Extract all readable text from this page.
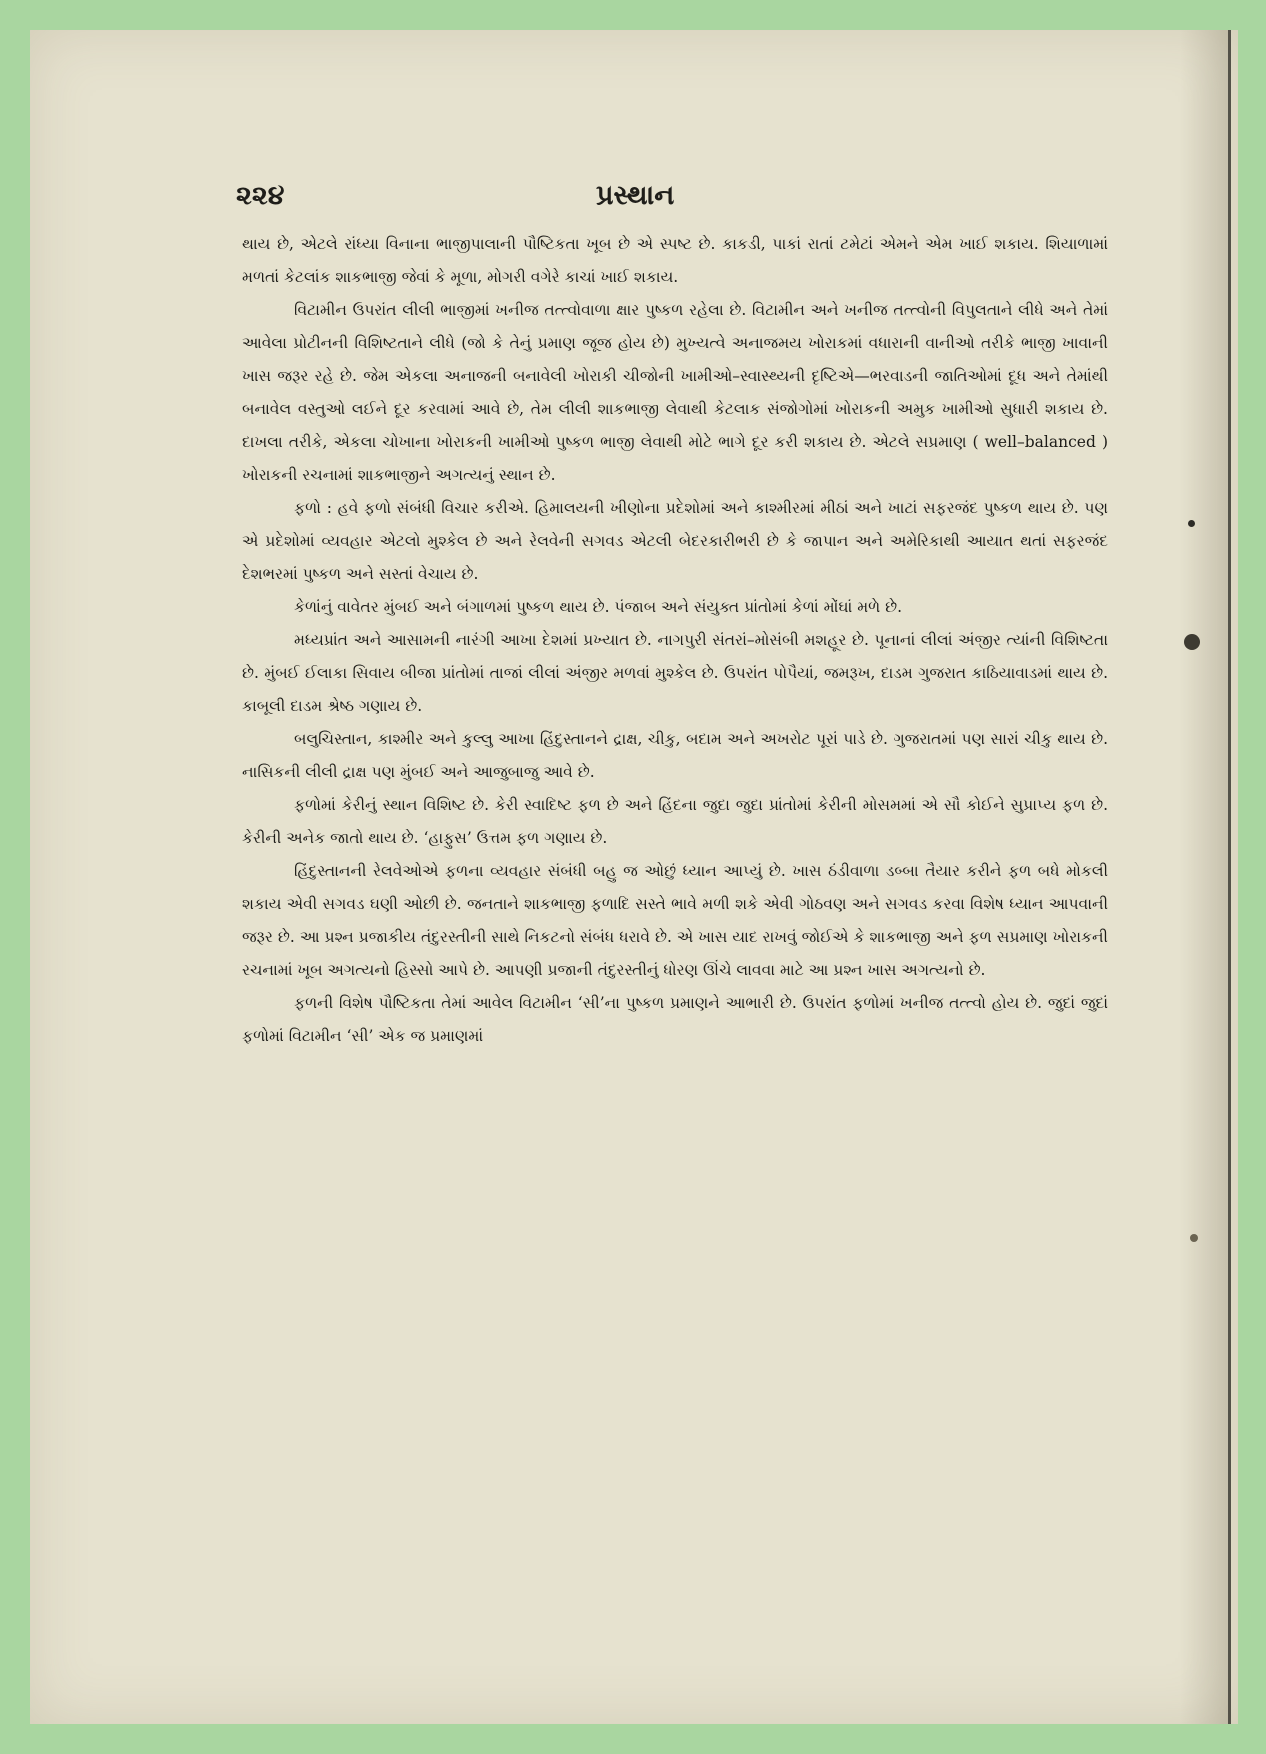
૨૨૪	પ્રસ્થાન

થાય છે, એટલે રાંધ્યા વિનાના ભાજીપાલાની પૌષ્ટિકતા ખૂબ છે એ સ્પષ્ટ છે. કાકડી, પાકાં રાતાં ટમેટાં એમને એમ ખાઈ શકાય. શિયાળામાં મળતાં કેટલાંક શાકભાજી જેવાં કે મૂળા, મોગરી વગેરે કાચાં ખાઈ શકાય.

વિટામીન ઉપરાંત લીલી ભાજીમાં ખનીજ તત્ત્વોવાળા ક્ષાર પુષ્કળ રહેલા છે. વિટામીન અને ખનીજ તત્ત્વોની વિપુલતાને લીધે અને તેમાં આવેલા પ્રોટીનની વિશિષ્ટતાને લીધે (જો કે તેનું પ્રમાણ જૂજ હોય છે) મુખ્યત્વે અનાજમય ખોરાકમાં વધારાની વાનીઓ તરીકે ભાજી ખાવાની ખાસ જરૂર રહે છે. જેમ એકલા અનાજની બનાવેલી ખોરાકી ચીજોની ખામીઓ–સ્વાસ્થ્યની દૃષ્ટિએ—ભરવાડની જાતિઓમાં દૂધ અને તેમાંથી બનાવેલ વસ્તુઓ લઈને દૂર કરવામાં આવે છે, તેમ લીલી શાકભાજી લેવાથી કેટલાક સંજોગોમાં ખોરાકની અમુક ખામીઓ સુધારી શકાય છે. દાખલા તરીકે, એકલા ચોખાના ખોરાકની ખામીઓ પુષ્કળ ભાજી લેવાથી મોટે ભાગે દૂર કરી શકાય છે. એટલે સપ્રમાણ ( well–balanced ) ખોરાકની રચનામાં શાકભાજીને અગત્યનું સ્થાન છે.

ફળો : હવે ફળો સંબંધી વિચાર કરીએ. હિમાલયની ખીણોના પ્રદેશોમાં અને કાશ્મીરમાં મીઠાં અને ખાટાં સફરજંદ પુષ્કળ થાય છે. પણ એ પ્રદેશોમાં વ્યવહાર એટલો મુશ્કેલ છે અને રેલવેની સગવડ એટલી બેદરકારીભરી છે કે જાપાન અને અમેરિકાથી આયાત થતાં સફરજંદ દેશભરમાં પુષ્કળ અને સસ્તાં વેચાય છે.

કેળાંનું વાવેતર મુંબઈ અને બંગાળમાં પુષ્કળ થાય છે. પંજાબ અને સંયુક્ત પ્રાંતોમાં કેળાં મોંઘાં મળે છે.

મધ્યપ્રાંત અને આસામની નારંગી આખા દેશમાં પ્રખ્યાત છે. નાગપુરી સંતરાં–મોસંબી મશહૂર છે. પૂનાનાં લીલાં અંજીર ત્યાંની વિશિષ્ટતા છે. મુંબઈ ઈલાકા સિવાય બીજા પ્રાંતોમાં તાજાં લીલાં અંજીર મળવાં મુશ્કેલ છે. ઉપરાંત પોપૈયાં, જમરૂખ, દાડમ ગુજરાત કાઠિયાવાડમાં થાય છે. કાબૂલી દાડમ શ્રેષ્ઠ ગણાય છે.

બલુચિસ્તાન, કાશ્મીર અને કુલ્લુ આખા હિંદુસ્તાનને દ્રાક્ષ, ચીકુ, બદામ અને અખરોટ પૂરાં પાડે છે. ગુજરાતમાં પણ સારાં ચીકુ થાય છે. નાસિકની લીલી દ્રાક્ષ પણ મુંબઈ અને આજુબાજુ આવે છે.

ફળોમાં કેરીનું સ્થાન વિશિષ્ટ છે. કેરી સ્વાદિષ્ટ ફળ છે અને હિંદના જુદા જુદા પ્રાંતોમાં કેરીની મોસમમાં એ સૌ કોઈને સુપ્રાપ્ય ફળ છે. કેરીની અનેક જાતો થાય છે. ‘હાફુસ’ ઉત્તમ ફળ ગણાય છે.

હિંદુસ્તાનની રેલવેઓએ ફળના વ્યવહાર સંબંધી બહુ જ ઓછું ધ્યાન આપ્યું છે. ખાસ ઠંડીવાળા ડબ્બા તૈયાર કરીને ફળ બધે મોકલી શકાય એવી સગવડ ઘણી ઓછી છે. જનતાને શાકભાજી ફળાદિ સસ્તે ભાવે મળી શકે એવી ગોઠવણ અને સગવડ કરવા વિશેષ ધ્યાન આપવાની જરૂર છે. આ પ્રશ્ન પ્રજાકીય તંદુરસ્તીની સાથે નિકટનો સંબંધ ધરાવે છે. એ ખાસ યાદ રાખવું જોઈએ કે શાકભાજી અને ફળ સપ્રમાણ ખોરાકની રચનામાં ખૂબ અગત્યનો હિસ્સો આપે છે. આપણી પ્રજાની તંદુરસ્તીનું ધોરણ ઊંચે લાવવા માટે આ પ્રશ્ન ખાસ અગત્યનો છે.

ફળની વિશેષ પૌષ્ટિકતા તેમાં આવેલ વિટામીન ‘સી’ના પુષ્કળ પ્રમાણને આભારી છે. ઉપરાંત ફળોમાં ખનીજ તત્ત્વો હોય છે. જુદાં જુદાં ફળોમાં વિટામીન ‘સી’ એક જ પ્રમાણમાં
